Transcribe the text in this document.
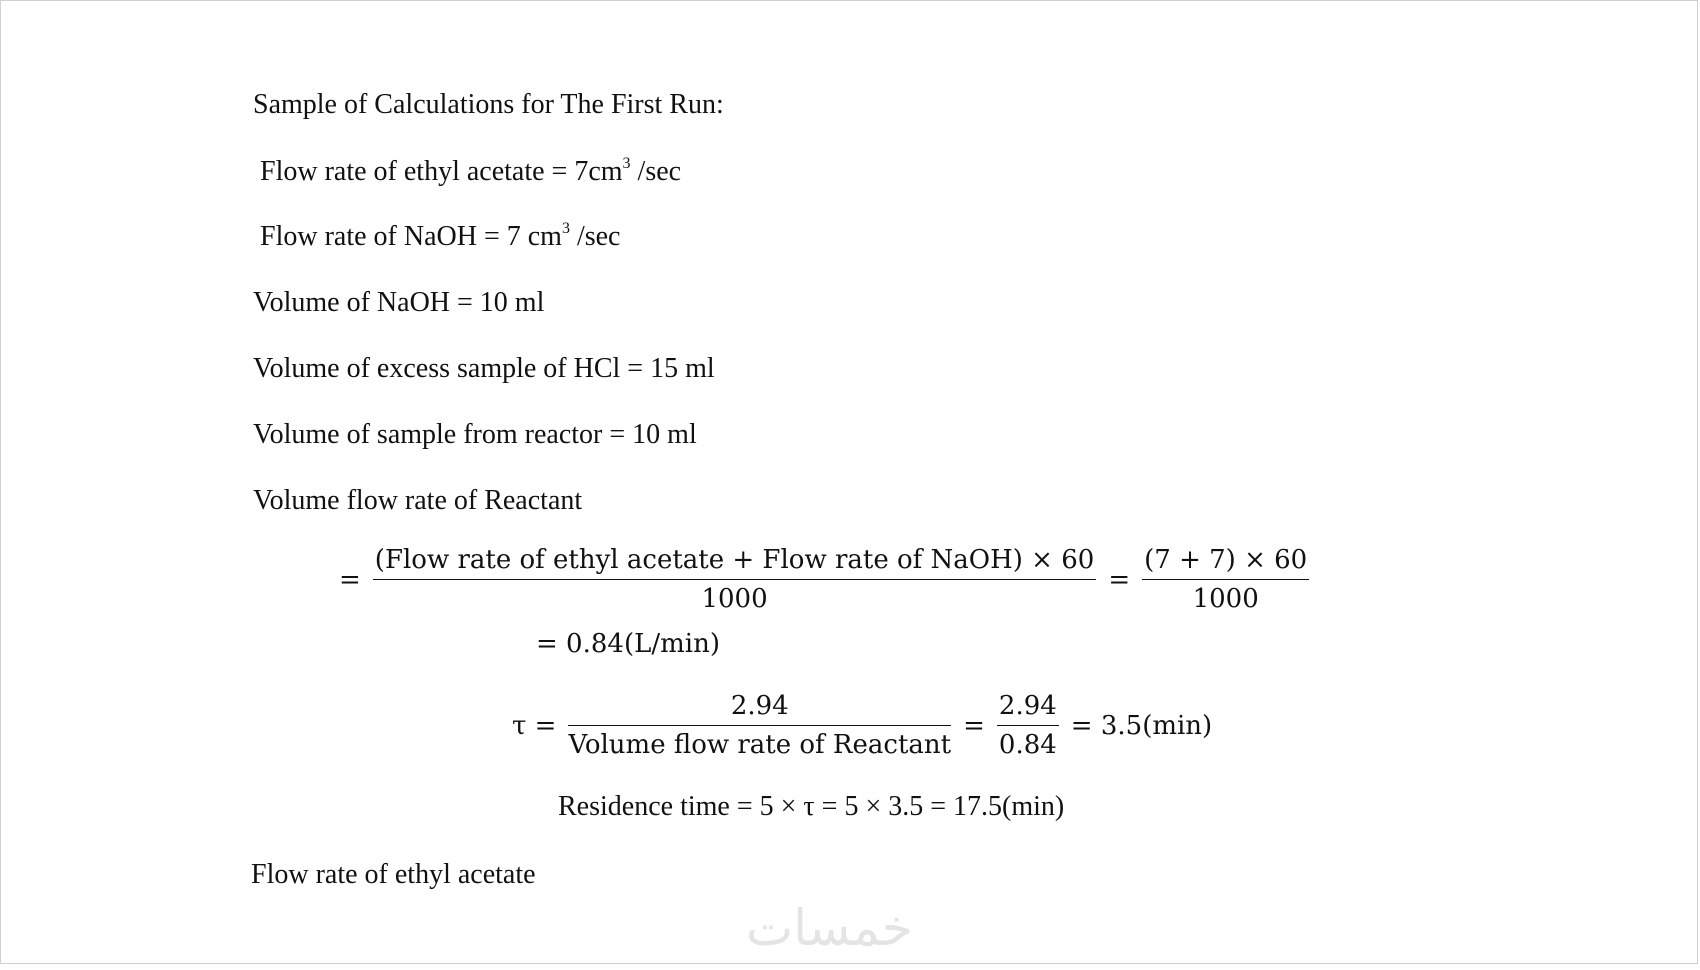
Sample of Calculations for The First Run:
Flow rate of ethyl acetate = $7cm^3$ /sec
Flow rate of NaOH = 7 $cm^3$ /sec
Volume of NaOH = 10 ml
Volume of excess sample of HCl = 15 ml
Volume of sample from reactor = 10 ml
Volume flow rate of Reactant
= $\frac{\text{(Flow rate of ethyl acetate + Flow rate of NaOH) × 60}}{1000} = \frac{(7 + 7) \times 60}{1000}$
= 0.84(L/min)
$\tau = \frac{2.94}{\text{Volume flow rate of Reactant}} = \frac{2.94}{0.84} = 3.5(\min)$
Residence time = 5 × τ = 5 × 3.5 = 17.5(min)
Flow rate of ethyl acetate
خمسات
